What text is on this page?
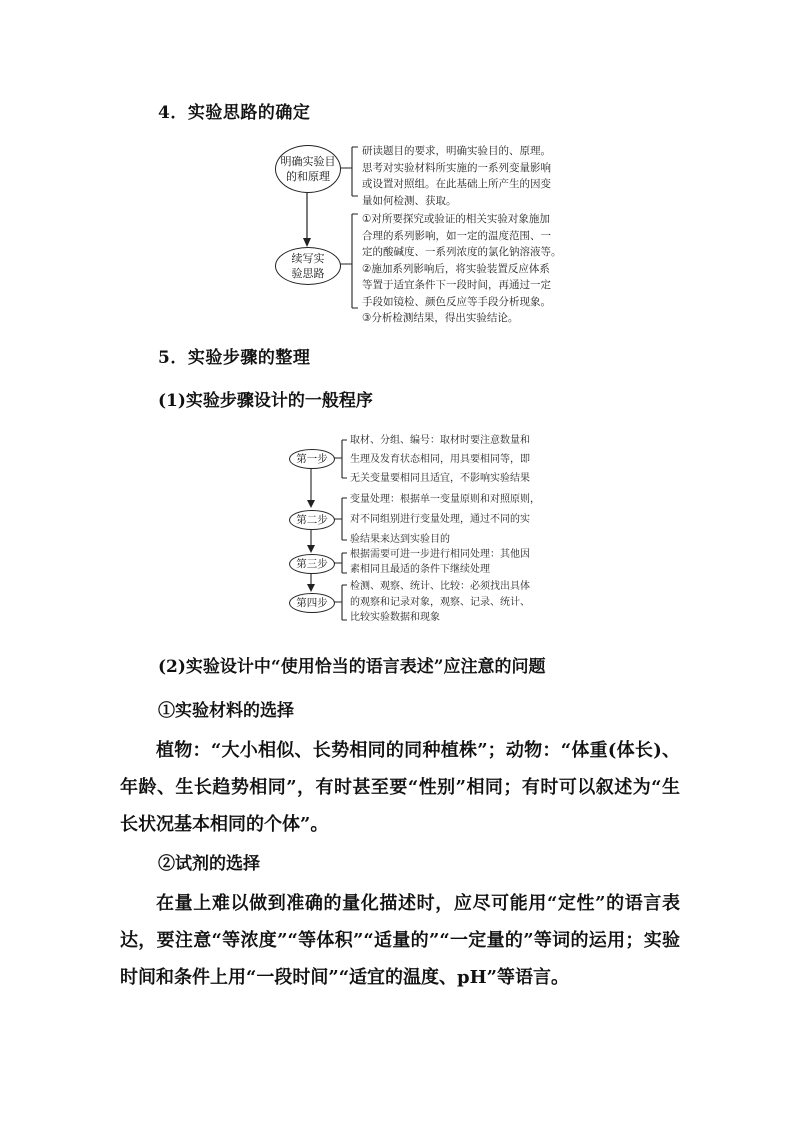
4．实验思路的确定
明确实验目
的和原理
续写实
验思路
研读题目的要求，明确实验目的、原理。
思考对实验材料所实施的一系列变量影响
或设置对照组。在此基础上所产生的因变
量如何检测、获取。
①对所要探究或验证的相关实验对象施加
合理的系列影响，如一定的温度范围、一
定的酸碱度、一系列浓度的氯化钠溶液等。
②施加系列影响后，将实验装置反应体系
等置于适宜条件下一段时间，再通过一定
手段如镜检、颜色反应等手段分析现象。
③分析检测结果，得出实验结论。
5．实验步骤的整理
(1)实验步骤设计的一般程序
第一步
第二步
第三步
第四步
取材、分组、编号：取材时要注意数量和
生理及发育状态相同，用具要相同等，即
无关变量要相同且适宜，不影响实验结果
变量处理：根据单一变量原则和对照原则，
对不同组别进行变量处理，通过不同的实
验结果来达到实验目的
根据需要可进一步进行相同处理：其他因
素相同且最适的条件下继续处理
检测、观察、统计、比较：必须找出具体
的观察和记录对象，观察、记录、统计、
比较实验数据和现象
(2)实验设计中“使用恰当的语言表述”应注意的问题
①实验材料的选择
植物：“大小相似、长势相同的同种植株”；动物：“体重(体长)、年龄、生长趋势相同”，有时甚至要“性别”相同；有时可以叙述为“生长状况基本相同的个体”。
②试剂的选择
在量上难以做到准确的量化描述时，应尽可能用“定性”的语言表达，要注意“等浓度”“等体积”“适量的”“一定量的”等词的运用；实验时间和条件上用“一段时间”“适宜的温度、pH”等语言。
